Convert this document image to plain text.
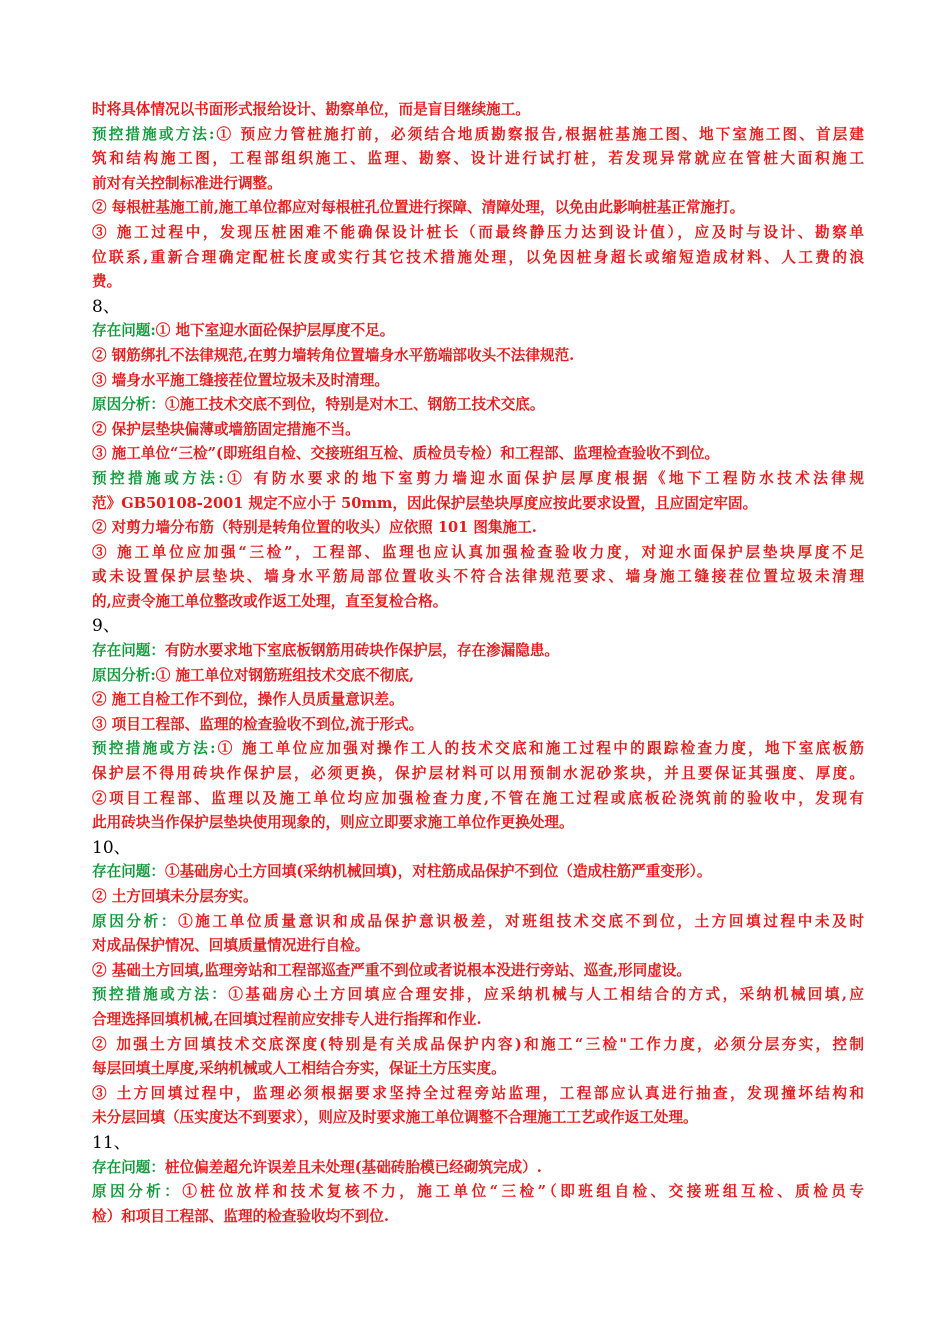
时将具体情况以书面形式报给设计、勘察单位，而是盲目继续施工。
预控措施或方法:① 预应力管桩施打前，必须结合地质勘察报告,根据桩基施工图、地下室施工图、首层建
筑和结构施工图，工程部组织施工、监理、勘察、设计进行试打桩，若发现异常就应在管桩大面积施工
前对有关控制标准进行调整。
② 每根桩基施工前,施工单位都应对每根桩孔位置进行探障、清障处理，以免由此影响桩基正常施打。
③ 施工过程中，发现压桩困难不能确保设计桩长（而最终静压力达到设计值），应及时与设计、勘察单
位联系,重新合理确定配桩长度或实行其它技术措施处理，以免因桩身超长或缩短造成材料、人工费的浪
费。
8、
存在问题:① 地下室迎水面砼保护层厚度不足。
② 钢筋绑扎不法律规范,在剪力墙转角位置墙身水平筋端部收头不法律规范.
③ 墙身水平施工缝接茬位置垃圾未及时清理。
原因分析：①施工技术交底不到位，特别是对木工、钢筋工技术交底。
② 保护层垫块偏薄或墙筋固定措施不当。
③ 施工单位“三检”(即班组自检、交接班组互检、质检员专检）和工程部、监理检查验收不到位。
预控措施或方法:① 有防水要求的地下室剪力墙迎水面保护层厚度根据《地下工程防水技术法律规
范》GB50108-2001 规定不应小于 50mm，因此保护层垫块厚度应按此要求设置，且应固定牢固。
② 对剪力墙分布筋（特别是转角位置的收头）应依照 101 图集施工.
③ 施工单位应加强“三检”，工程部、监理也应认真加强检查验收力度，对迎水面保护层垫块厚度不足
或未设置保护层垫块、墙身水平筋局部位置收头不符合法律规范要求、墙身施工缝接茬位置垃圾未清理
的,应责令施工单位整改或作返工处理，直至复检合格。
9、
存在问题：有防水要求地下室底板钢筋用砖块作保护层，存在渗漏隐患。
原因分析:① 施工单位对钢筋班组技术交底不彻底,
② 施工自检工作不到位，操作人员质量意识差。
③ 项目工程部、监理的检查验收不到位,流于形式。
预控措施或方法:① 施工单位应加强对操作工人的技术交底和施工过程中的跟踪检查力度，地下室底板筋
保护层不得用砖块作保护层，必须更换，保护层材料可以用预制水泥砂浆块，并且要保证其强度、厚度。
②项目工程部、监理以及施工单位均应加强检查力度,不管在施工过程或底板砼浇筑前的验收中，发现有
此用砖块当作保护层垫块使用现象的，则应立即要求施工单位作更换处理。
10、
存在问题：①基础房心土方回填(采纳机械回填)，对柱筋成品保护不到位（造成柱筋严重变形）。
② 土方回填未分层夯实。
原因分析：①施工单位质量意识和成品保护意识极差，对班组技术交底不到位，土方回填过程中未及时
对成品保护情况、回填质量情况进行自检。
② 基础土方回填,监理旁站和工程部巡查严重不到位或者说根本没进行旁站、巡查,形同虚设。
预控措施或方法：①基础房心土方回填应合理安排，应采纳机械与人工相结合的方式，采纳机械回填,应
合理选择回填机械,在回填过程前应安排专人进行指挥和作业.
② 加强土方回填技术交底深度(特别是有关成品保护内容)和施工“三检"工作力度，必须分层夯实，控制
每层回填土厚度,采纳机械或人工相结合夯实，保证土方压实度。
③ 土方回填过程中，监理必须根据要求坚持全过程旁站监理，工程部应认真进行抽查，发现撞坏结构和
未分层回填（压实度达不到要求），则应及时要求施工单位调整不合理施工工艺或作返工处理。
11、
存在问题：桩位偏差超允许误差且未处理(基础砖胎模已经砌筑完成）.
原因分析：①桩位放样和技术复核不力，施工单位“三检”（即班组自检、交接班组互检、质检员专
检）和项目工程部、监理的检查验收均不到位.
